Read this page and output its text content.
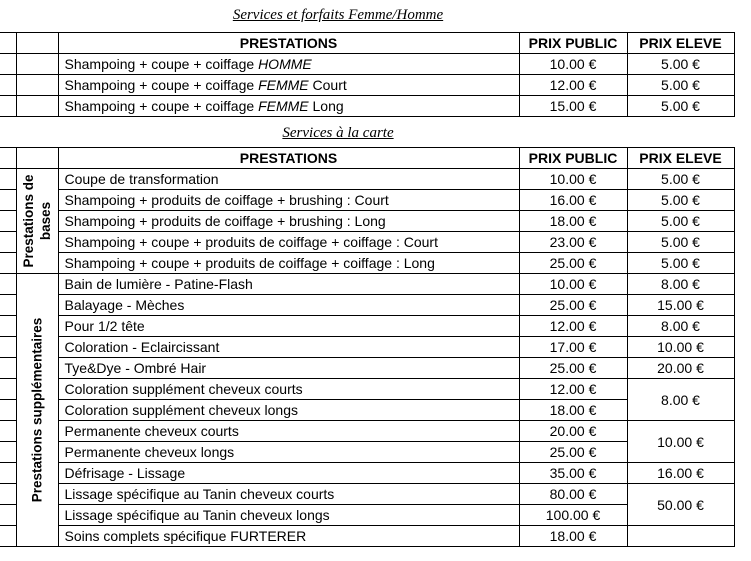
Services et forfaits Femme/Homme
		PRESTATIONS	PRIX PUBLIC	PRIX ELEVE
		Shampoing + coupe + coiffage HOMME	10.00 €	5.00 €
		Shampoing + coupe + coiffage FEMME Court	12.00 €	5.00 €
		Shampoing + coupe + coiffage FEMME Long	15.00 €	5.00 €
Services à la carte
		PRESTATIONS	PRIX PUBLIC	PRIX ELEVE

	Prestations de bases	Coupe de transformation	10.00 €	5.00 €
		Shampoing + produits de coiffage + brushing : Court	16.00 €	5.00 €
		Shampoing + produits de coiffage + brushing : Long	18.00 €	5.00 €
		Shampoing + coupe + produits de coiffage + coiffage : Court	23.00 €	5.00 €
		Shampoing + coupe + produits de coiffage + coiffage : Long	25.00 €	5.00 €

	Prestations supplémentaires	Bain de lumière - Patine-Flash	10.00 €	8.00 €
		Balayage - Mèches	25.00 €	15.00 €
		Pour 1/2 tête	12.00 €	8.00 €
		Coloration - Eclaircissant	17.00 €	10.00 €
		Tye&Dye - Ombré Hair	25.00 €	20.00 €
		Coloration supplément cheveux courts	12.00 €	8.00 €
		Coloration supplément cheveux longs	18.00 €	
		Permanente cheveux courts	20.00 €	10.00 €
		Permanente cheveux longs	25.00 €	
		Défrisage - Lissage	35.00 €	16.00 €
		Lissage spécifique au Tanin cheveux courts	80.00 €	50.00 €
		Lissage spécifique au Tanin cheveux longs	100.00 €	
		Soins complets spécifique FURTERER	18.00 €	
